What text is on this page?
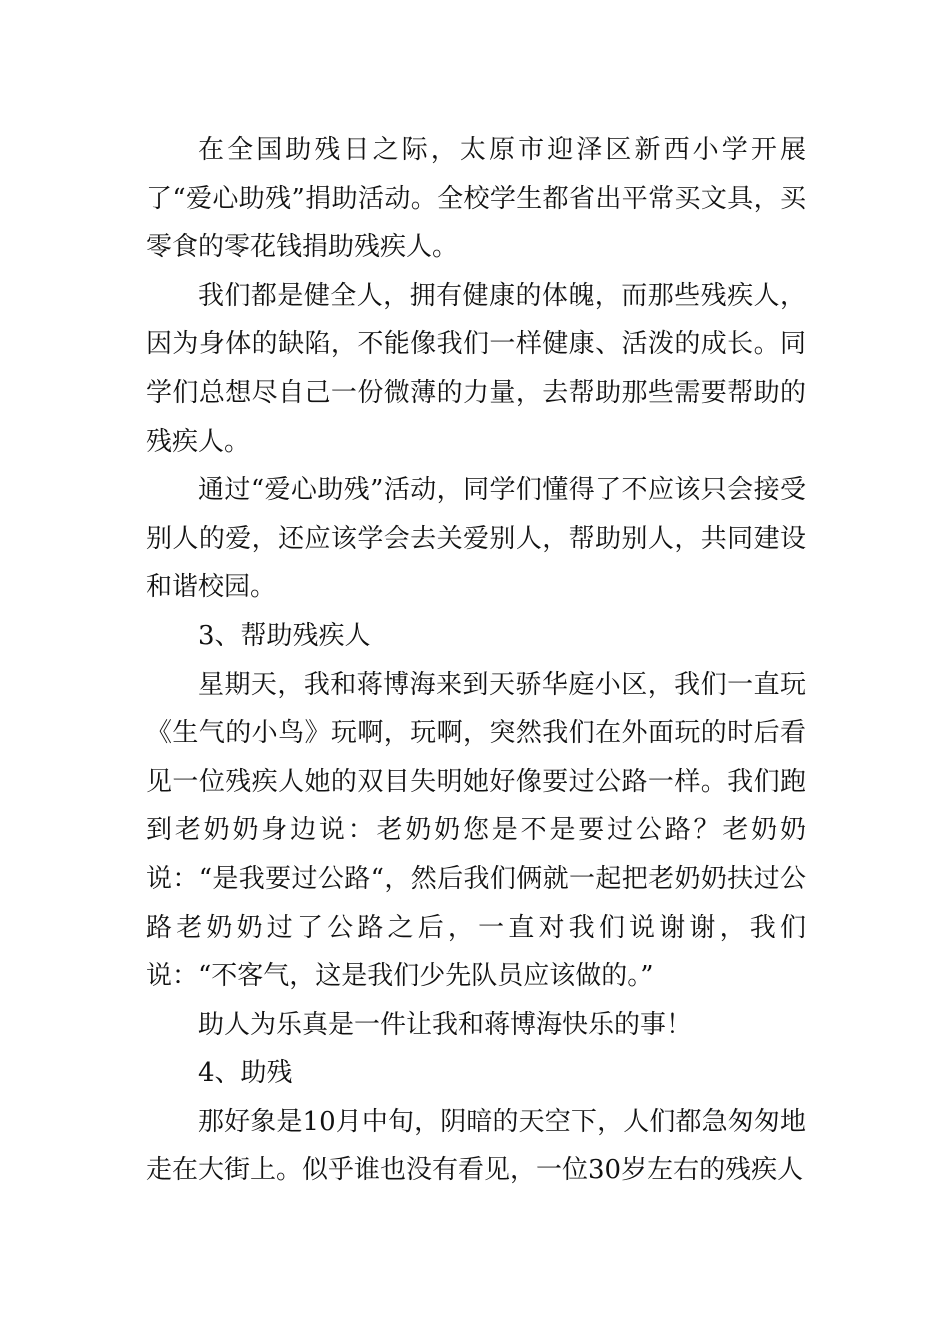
在全国助残日之际，太原市迎泽区新西小学开展了“爱心助残”捐助活动。全校学生都省出平常买文具，买零食的零花钱捐助残疾人。

我们都是健全人，拥有健康的体魄，而那些残疾人，因为身体的缺陷，不能像我们一样健康、活泼的成长。同学们总想尽自己一份微薄的力量，去帮助那些需要帮助的残疾人。

通过“爱心助残”活动，同学们懂得了不应该只会接受别人的爱，还应该学会去关爱别人，帮助别人，共同建设和谐校园。

3、帮助残疾人

星期天，我和蒋博海来到天骄华庭小区，我们一直玩《生气的小鸟》玩啊，玩啊，突然我们在外面玩的时后看见一位残疾人她的双目失明她好像要过公路一样。我们跑到老奶奶身边说：老奶奶您是不是要过公路？老奶奶说：“是我要过公路“，然后我们俩就一起把老奶奶扶过公路老奶奶过了公路之后，一直对我们说谢谢，我们说：“不客气，这是我们少先队员应该做的。”

助人为乐真是一件让我和蒋博海快乐的事！

4、助残

那好象是10月中旬，阴暗的天空下，人们都急匆匆地走在大街上。似乎谁也没有看见，一位30岁左右的残疾人
